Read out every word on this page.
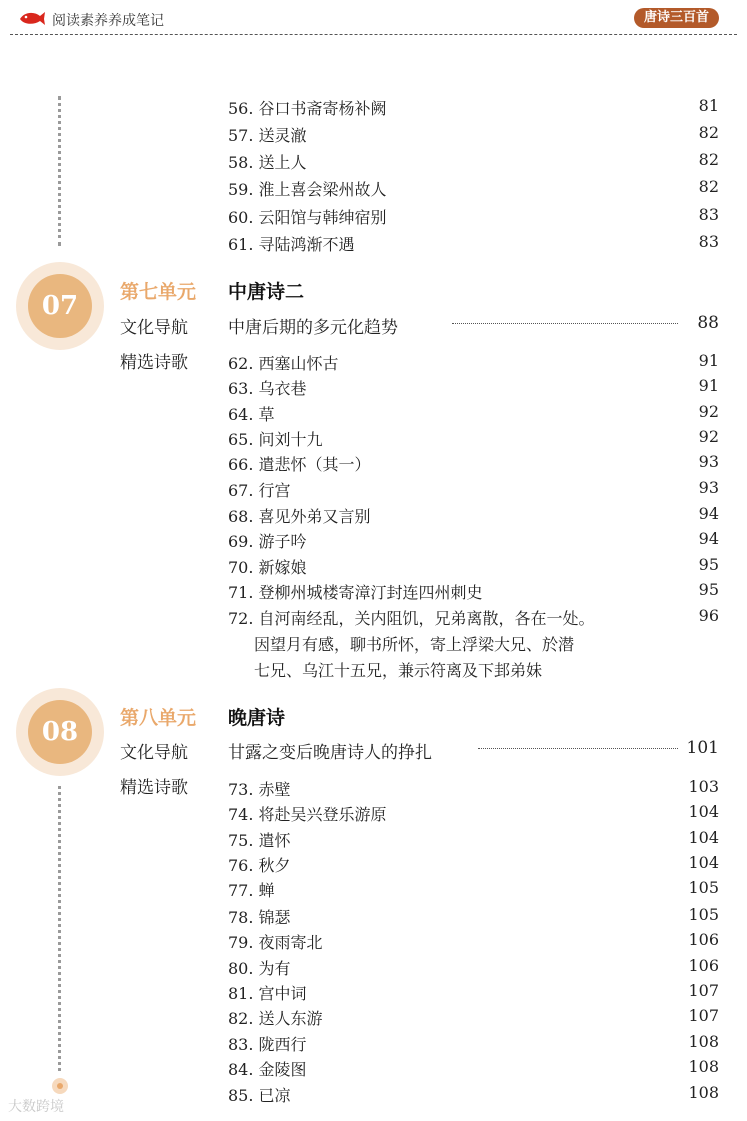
阅读素养养成笔记	唐诗三百首
56. 谷口书斋寄杨补阙	81
57. 送灵澈	82
58. 送上人	82
59. 淮上喜会梁州故人	82
60. 云阳馆与韩绅宿别	83
61. 寻陆鸿渐不遇	83
07	第七单元 中唐诗二
文化导航 中唐后期的多元化趋势	88
精选诗歌	62. 西塞山怀古	91
63. 乌衣巷	91
64. 草	92
65. 问刘十九	92
66. 遣悲怀（其一）	93
67. 行宫	93
68. 喜见外弟又言别	94
69. 游子吟	94
70. 新嫁娘	95
71. 登柳州城楼寄漳汀封连四州刺史	95
72. 自河南经乱，关内阻饥，兄弟离散，各在一处。	96
因望月有感，聊书所怀，寄上浮梁大兄、於潜
七兄、乌江十五兄，兼示符离及下邽弟妹
08	第八单元 晚唐诗
文化导航 甘露之变后晚唐诗人的挣扎	101
精选诗歌	73. 赤壁	103
74. 将赴吴兴登乐游原	104
75. 遣怀	104
76. 秋夕	104
77. 蝉	105
78. 锦瑟	105
79. 夜雨寄北	106
80. 为有	106
81. 宫中词	107
82. 送人东游	107
83. 陇西行	108
84. 金陵图	108
85. 已凉	108
大数跨境
